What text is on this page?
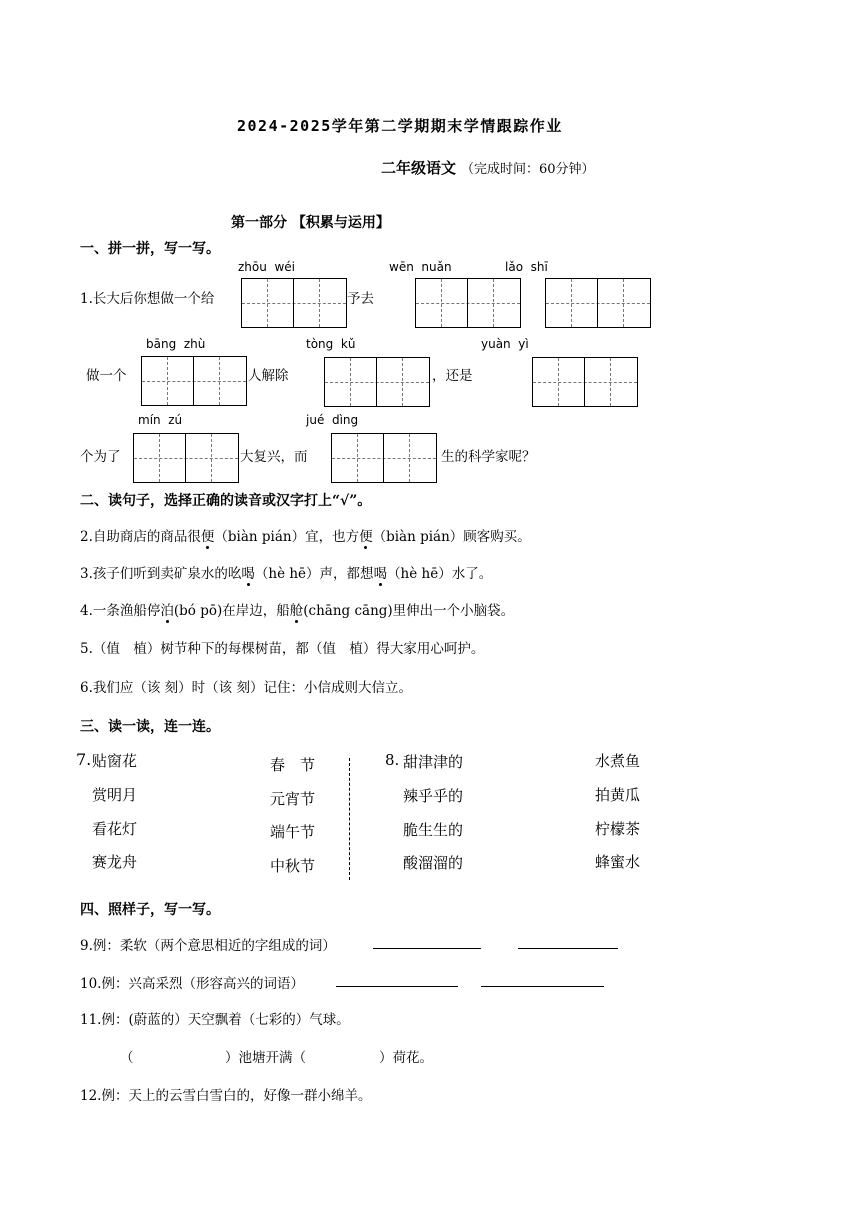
2024-2025学年第二学期期末学情跟踪作业
二年级语文 （完成时间：60分钟）
第一部分 【积累与运用】
一、拼一拼，写一写。
zhōu  wéi	wēn  nuǎn	lǎo  shī
1.长大后你想做一个给	予去
bāng  zhù	tòng  kǔ	yuàn  yì
做一个	人解除	，还是
mín  zú	jué  dìng
个为了	大复兴，而	生的科学家呢？
二、读句子，选择正确的读音或汉字打上“√”。
2.自助商店的商品很便（biàn pián）宜，也方便（biàn pián）顾客购买。
3.孩子们听到卖矿泉水的吆喝（hè hē）声，都想喝（hè hē）水了。
4.一条渔船停泊(bó pō)在岸边，船舱(chāng cāng)里伸出一个小脑袋。
5.（值　植）树节种下的每棵树苗，都（值　植）得大家用心呵护。
6.我们应（该 刻）时（该 刻）记住：小信成则大信立。
三、读一读，连一连。
7. 贴窗花
赏明月
看花灯
赛龙舟
春　节
元宵节
端午节
中秋节
8. 甜津津的
辣乎乎的
脆生生的
酸溜溜的
水煮鱼
拍黄瓜
柠檬茶
蜂蜜水
四、照样子，写一写。
9.例：柔软（两个意思相近的字组成的词）
10.例：兴高采烈（形容高兴的词语）
11.例：(蔚蓝的）天空飘着（七彩的）气球。
（	）池塘开满（	）荷花。
12.例：天上的云雪白雪白的，好像一群小绵羊。
